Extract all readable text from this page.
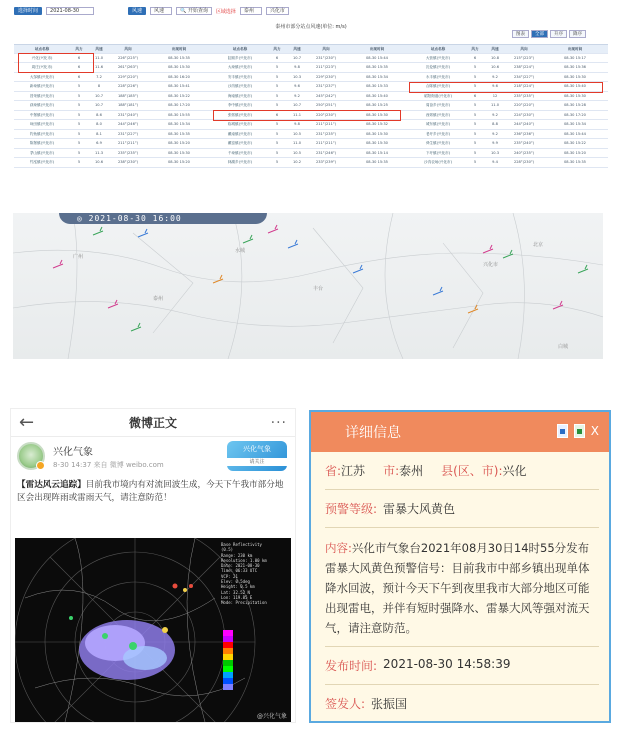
选择时间	2021-08-30	风速	风速	🔍 开始查询	区域选择	泰州	兴化市
泰州市部分站点风速(单位: m/s)
图表	全部	升序	降序
站点名称	风力	风速	风向	出现时间
兴化(兴化市)	6	11.0	226°(225°)	08-30 15:35
周庄(兴化市)	6	11.6	261°(263°)	08-30 15:30
大邹镇(兴化市)	6	7.2	229°(220°)	08-30 16:20
新垛镇(兴化市)	5	8	228°(226°)	08-30 15:41
昌荣镇(兴化市)	5	10.7	188°(185°)	08-30 15:22
荻垛镇(兴化市)	5	10.7	188°(181°)	08-30 17:20
中堡镇(兴化市)	5	8.6	231°(240°)	08-30 15:55
垛田镇(兴化市)	5	8.0	244°(246°)	08-30 15:34
钓鱼镇(兴化市)	5	8.1	231°(227°)	08-30 15:35
陈堡镇(兴化市)	5	6.9	211°(211°)	08-30 15:20
茅山镇(兴化市)	5	11.3	235°(235°)	08-30 15:30
竹泓镇(兴化市)	5	10.6	238°(230°)	08-30 15:20
站点名称	风力	风速	风向	出现时间
缸顾乡(兴化市)	6	10.7	231°(230°)	08-30 15:44
大垛镇(兴化市)	5	9.8	211°(223°)	08-30 15:35
安丰镇(兴化市)	5	10.3	229°(230°)	08-30 15:34
沙沟镇(兴化市)	5	9.6	231°(237°)	08-30 15:33
海南镇(兴化市)	5	9.2	245°(242°)	08-30 15:40
李中镇(兴化市)	5	10.7	250°(251°)	08-30 15:25
张郭镇(兴化市)	6	11.1	220°(230°)	08-30 15:30
临城镇(兴化市)	5	9.8	211°(211°)	08-30 15:32
戴南镇(兴化市)	5	10.5	231°(235°)	08-30 15:30
戴窑镇(兴化市)	5	11.0	211°(211°)	08-30 15:30
千垛镇(兴化市)	5	10.5	231°(246°)	08-30 15:14
林湖乡(兴化市)	5	10.2	233°(239°)	08-30 15:35
站点名称	风力	风速	风向	出现时间
大营镇(兴化市)	6	10.8	215°(223°)	08-30 15:17
沈伦镇(兴化市)	5	10.6	238°(224°)	08-30 15:36
永丰镇(兴化市)	5	9.2	234°(227°)	08-30 15:30
合陈镇(兴化市)	5	9.6	218°(224°)	08-30 15:40
昭阳街道(兴化市)	6	12	235°(235°)	08-30 15:30
周奋乡(兴化市)	5	11.0	220°(220°)	08-30 15:28
西郊镇(兴化市)	5	9.2	224°(230°)	08-30 17:20
城东镇(兴化市)	5	8.8	244°(240°)	08-30 15:34
老圩乡(兴化市)	5	9.2	236°(236°)	08-30 15:44
舜生镇(兴化市)	5	9.9	235°(240°)	08-30 15:22
下圩镇(兴化市)	5	10.3	240°(235°)	08-30 15:20
沙沟农场(兴化市)	5	9.4	228°(230°)	08-30 15:35
◎ 2021-08-30 16:00
广州
水城
泰州
丰台
兴化市
北京
白城
←	微博正文	···
兴化气象
8-30 14:37 来自 微博 weibo.com
兴化气象
请关注
【雷达风云追踪】目前我市境内有对流回波生成，今天下午我市部分地区会出现阵雨或雷雨天气，请注意防范！
Base Reflectivity
(0.5)
Range: 230 km
Resolution: 1.00 km
Date: 2021-08-30
Time: 06:33 UTC
VCP: 21
Elev: 0.5deg
Height: 0.5 km
Lat: 32.52 N
Lon: 119.85 E
Mode: Precipitation
@兴化气象
详细信息	X
省:江苏 市:泰州 县(区、市):兴化
预警等级: 雷暴大风黄色
内容:兴化市气象台2021年08月30日14时55分发布雷暴大风黄色预警信号：目前我市中部乡镇出现单体降水回波，预计今天下午到夜里我市大部分地区可能出现雷电，并伴有短时强降水、雷暴大风等强对流天气，请注意防范。
发布时间: 2021-08-30 14:58:39
签发人: 张振国
